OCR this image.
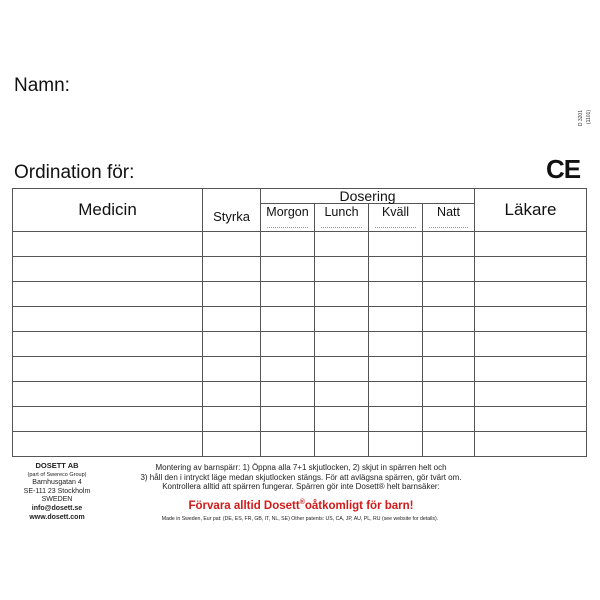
Namn:
D 3201 (1101)
Ordination för:	CE
Medicin	Styrka	Dosering				Läkare

		Morgon	Lunch	Kväll	Natt	

DOSETT AB
(part of Swereco Group)
Barnhusgatan 4
SE-111 23 Stockholm
SWEDEN
info@dosett.se
www.dosett.com
Montering av barnspärr: 1) Öppna alla 7+1 skjutlocken, 2) skjut in spärren helt och
3) håll den i intryckt läge medan skjutlocken stängs. För att avlägsna spärren, gör tvärt om.
Kontrollera alltid att spärren fungerar. Spärren gör inte Dosett® helt barnsäker:
Förvara alltid Dosett®oåtkomligt för barn!
Made in Sweden, Eur pat: (DE, ES, FR, GB, IT, NL, SE) Other patents: US, CA, JP, AU, PL, RU (see website for details).
